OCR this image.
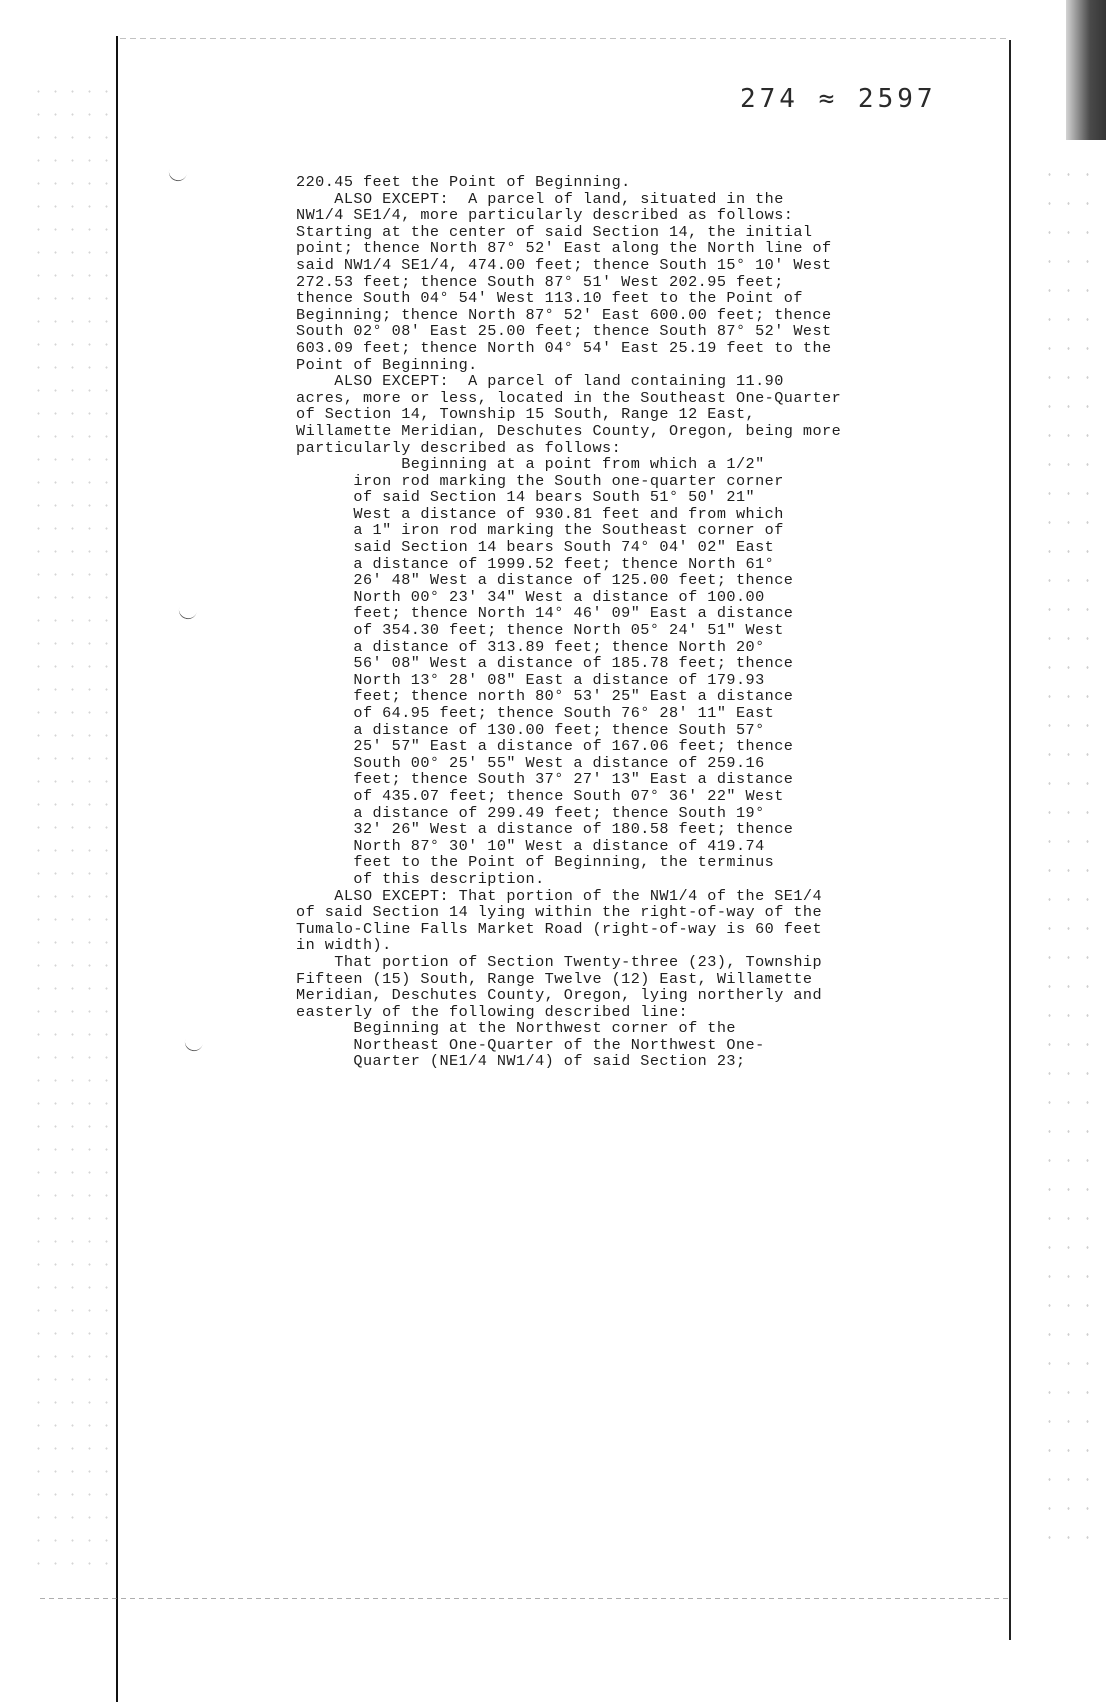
274 ≈ 2597
220.45 feet the Point of Beginning.
ALSO EXCEPT:  A parcel of land, situated in the
NW1/4 SE1/4, more particularly described as follows:
Starting at the center of said Section 14, the initial
point; thence North 87° 52' East along the North line of
said NW1/4 SE1/4, 474.00 feet; thence South 15° 10' West
272.53 feet; thence South 87° 51' West 202.95 feet;
thence South 04° 54' West 113.10 feet to the Point of
Beginning; thence North 87° 52' East 600.00 feet; thence
South 02° 08' East 25.00 feet; thence South 87° 52' West
603.09 feet; thence North 04° 54' East 25.19 feet to the
Point of Beginning.
ALSO EXCEPT:  A parcel of land containing 11.90
acres, more or less, located in the Southeast One-Quarter
of Section 14, Township 15 South, Range 12 East,
Willamette Meridian, Deschutes County, Oregon, being more
particularly described as follows:
Beginning at a point from which a 1/2"
iron rod marking the South one-quarter corner
of said Section 14 bears South 51° 50' 21"
West a distance of 930.81 feet and from which
a 1" iron rod marking the Southeast corner of
said Section 14 bears South 74° 04' 02" East
a distance of 1999.52 feet; thence North 61°
26' 48" West a distance of 125.00 feet; thence
North 00° 23' 34" West a distance of 100.00
feet; thence North 14° 46' 09" East a distance
of 354.30 feet; thence North 05° 24' 51" West
a distance of 313.89 feet; thence North 20°
56' 08" West a distance of 185.78 feet; thence
North 13° 28' 08" East a distance of 179.93
feet; thence north 80° 53' 25" East a distance
of 64.95 feet; thence South 76° 28' 11" East
a distance of 130.00 feet; thence South 57°
25' 57" East a distance of 167.06 feet; thence
South 00° 25' 55" West a distance of 259.16
feet; thence South 37° 27' 13" East a distance
of 435.07 feet; thence South 07° 36' 22" West
a distance of 299.49 feet; thence South 19°
32' 26" West a distance of 180.58 feet; thence
North 87° 30' 10" West a distance of 419.74
feet to the Point of Beginning, the terminus
of this description.
ALSO EXCEPT: That portion of the NW1/4 of the SE1/4
of said Section 14 lying within the right-of-way of the
Tumalo-Cline Falls Market Road (right-of-way is 60 feet
in width).
That portion of Section Twenty-three (23), Township
Fifteen (15) South, Range Twelve (12) East, Willamette
Meridian, Deschutes County, Oregon, lying northerly and
easterly of the following described line:
Beginning at the Northwest corner of the
Northeast One-Quarter of the Northwest One-
Quarter (NE1/4 NW1/4) of said Section 23;
